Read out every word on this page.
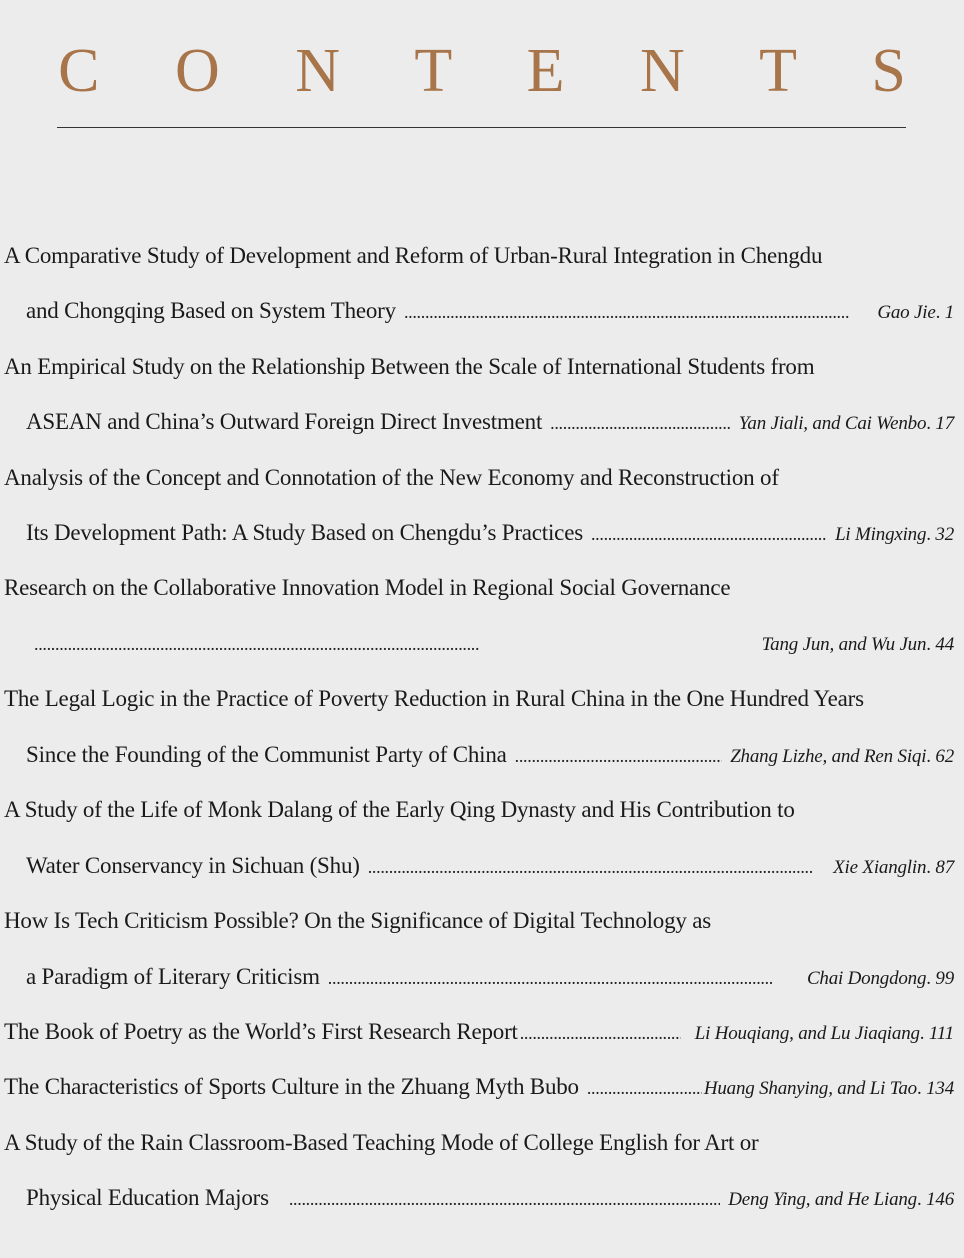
C O N T E N T S
A Comparative Study of Development and Reform of Urban-Rural Integration in Chengdu
and Chongqing Based on System Theory . . .	Gao Jie . 1
An Empirical Study on the Relationship Between the Scale of International Students from
ASEAN and China’s Outward Foreign Direct Investment . . .	Yan Jiali, and Cai Wenbo . 17
Analysis of the Concept and Connotation of the New Economy and Reconstruction of
Its Development Path: A Study Based on Chengdu’s Practices . . .	Li Mingxing . 32
Research on the Collaborative Innovation Model in Regional Social Governance
. . .
Tang Jun, and Wu Jun . 44
The Legal Logic in the Practice of Poverty Reduction in Rural China in the One Hundred Years
Since the Founding of the Communist Party of China . . .	Zhang Lizhe, and Ren Siqi . 62
A Study of the Life of Monk Dalang of the Early Qing Dynasty and His Contribution to
Water Conservancy in Sichuan (Shu) . . .	Xie Xianglin . 87
How Is Tech Criticism Possible? On the Significance of Digital Technology as
a Paradigm of Literary Criticism . . .	Chai Dongdong . 99
The Book of Poetry as the World’s First Research Report . . .	Li Houqiang, and Lu Jiaqiang . 111
The Characteristics of Sports Culture in the Zhuang Myth Bubo . . .	Huang Shanying, and Li Tao . 134
A Study of the Rain Classroom-Based Teaching Mode of College English for Art or
Physical Education Majors . . .	Deng Ying, and He Liang . 146
